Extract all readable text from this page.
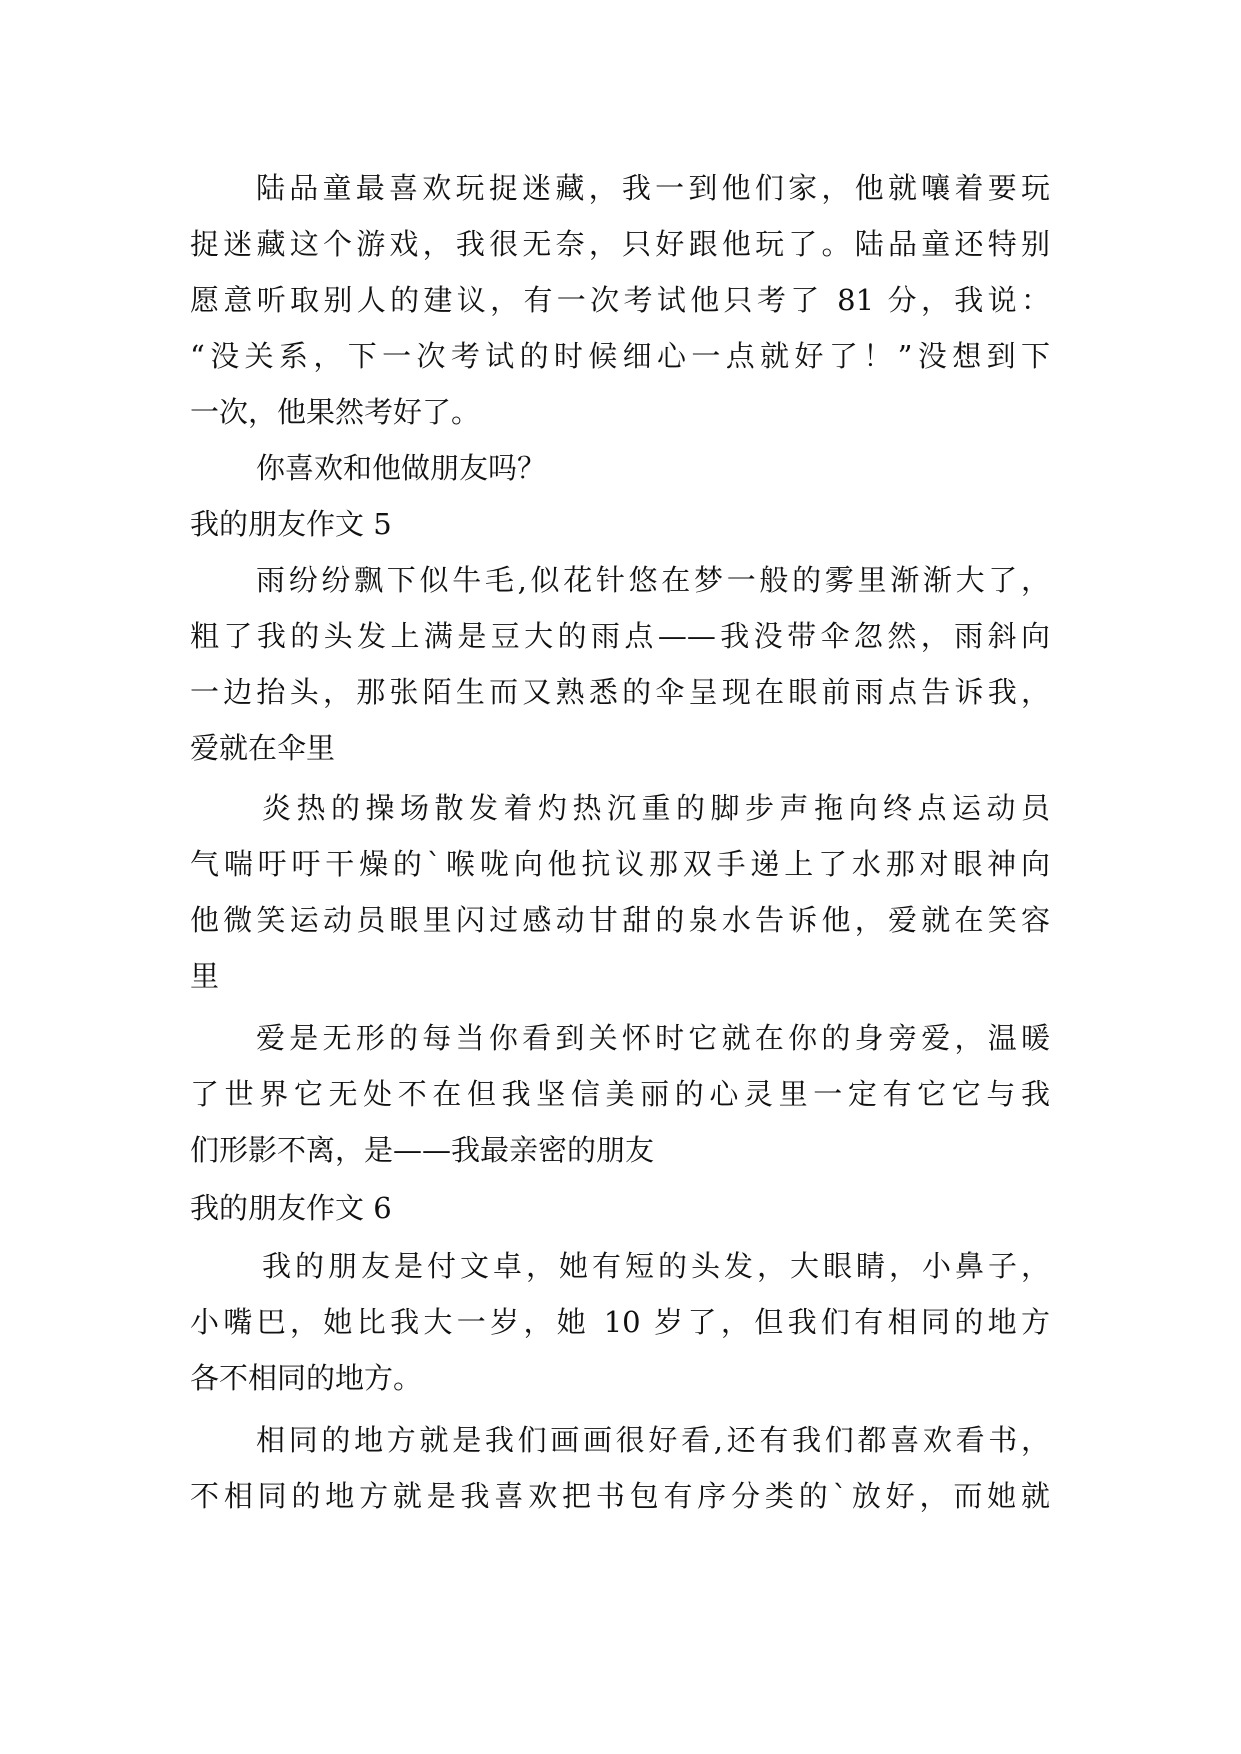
陆品童最喜欢玩捉迷藏，我一到他们家，他就嚷着要玩
捉迷藏这个游戏，我很无奈，只好跟他玩了。陆品童还特别
愿意听取别人的建议，有一次考试他只考了 81 分，我说：
“没关系，下一次考试的时候细心一点就好了！”没想到下
一次，他果然考好了。
你喜欢和他做朋友吗？
我的朋友作文 5
雨纷纷飘下似牛毛,似花针悠在梦一般的雾里渐渐大了，
粗了我的头发上满是豆大的雨点——我没带伞忽然，雨斜向
一边抬头，那张陌生而又熟悉的伞呈现在眼前雨点告诉我，
爱就在伞里
炎热的操场散发着灼热沉重的脚步声拖向终点运动员
气喘吁吁干燥的`喉咙向他抗议那双手递上了水那对眼神向
他微笑运动员眼里闪过感动甘甜的泉水告诉他，爱就在笑容
里
爱是无形的每当你看到关怀时它就在你的身旁爱，温暖
了世界它无处不在但我坚信美丽的心灵里一定有它它与我
们形影不离，是——我最亲密的朋友
我的朋友作文 6
我的朋友是付文卓，她有短的头发，大眼睛，小鼻子，
小嘴巴，她比我大一岁，她 10 岁了，但我们有相同的地方
各不相同的地方。
相同的地方就是我们画画很好看,还有我们都喜欢看书，
不相同的地方就是我喜欢把书包有序分类的`放好，而她就
